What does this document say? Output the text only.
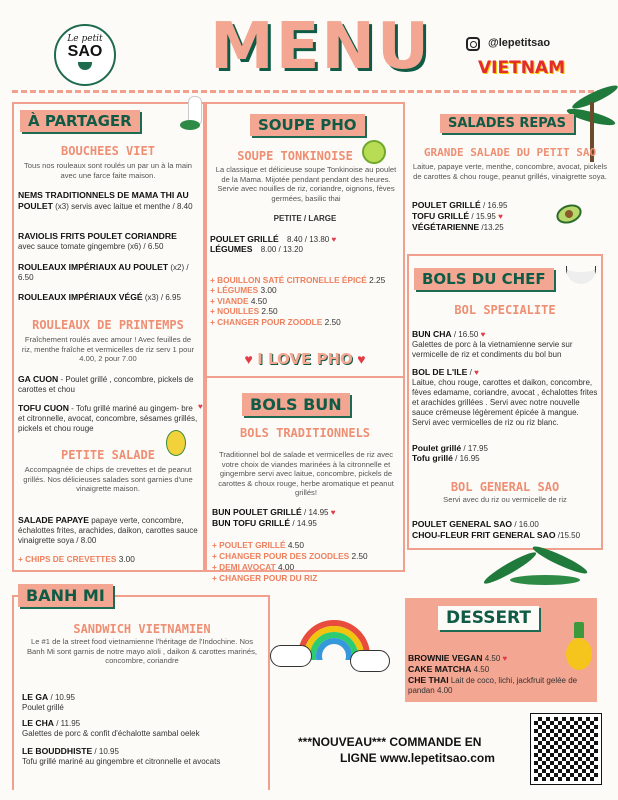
Le petit
SAO MENU	@lepetitsao
VIETNAM
À PARTAGER
BOUCHEES VIET
Tous nos rouleaux sont roulés un par un à la main avec une farce faite maison.
NEMS TRADITIONNELS DE MAMA THI AU POULET (x3) servis avec laitue et menthe / 8.40
RAVIOLIS FRITS POULET CORIANDRE
avec sauce tomate gingembre (x6) / 6.50
ROULEAUX IMPÉRIAUX AU POULET (x2) / 6.50
ROULEAUX IMPÉRIAUX VÉGÉ (x3) / 6.95
ROULEAUX DE PRINTEMPS
Fraîchement roulés avec amour ! Avec feuilles de riz, menthe fraîche et vermicelles de riz serv 1 pour 4.00, 2 pour 7.00
GA CUON - Poulet grillé , concombre, pickels de carottes et chou
TOFU CUON - Tofu grillé mariné au gingem- bre et citronnelle, avocat, concombre, sésames grillés, pickels et chou rouge
♥
PETITE SALADE
Accompagnée de chips de crevettes et de peanut grillés. Nos délicieuses salades sont garnies d'une vinaigrette maison.
SALADE PAPAYE papaye verte, concombre, échalottes frites, arachides, daikon, carottes sauce vinaigrette soya / 8.00
+ CHIPS DE CREVETTES 3.00
SOUPE PHO
SOUPE TONKINOISE
La classique et délicieuse soupe Tonkinoise au poulet de la Mama. Mijotée pendant pendant des heures. Servie avec nouilles de riz, coriandre, oignons, fèves germées, basilic thai
PETITE / LARGE
POULET GRILLÉ 8.40 / 13.80 ♥
LÉGUMES 8.00 / 13.20
+ BOUILLON SATÉ CITRONELLE ÉPICÉ 2.25
+ LÉGUMES 3.00
+ VIANDE 4.50
+ NOUILLES 2.50
+ CHANGER POUR ZOODLE 2.50
♥ I LOVE PHO ♥
BOLS BUN
BOLS TRADITIONNELS
Traditionnel bol de salade et vermicelles de riz avec votre choix de viandes marinées à la citronnelle et gingembre servi avec laitue, concombre, pickels de carottes & choux rouge, herbe aromatique et peanut grillés!
BUN POULET GRILLÉ / 14.95 ♥
BUN TOFU GRILLÉ / 14.95
+ POULET GRILLÉ 4.50
+ CHANGER POUR DES ZOODLES 2.50
+ DEMI AVOCAT 4.00
+ CHANGER POUR DU RIZ
SALADES REPAS
GRANDE SALADE DU PETIT SAO
Laitue, papaye verte, menthe, concombre, avocat, pickels de carottes & chou rouge, peanut grillés, vinaigrette soya.
POULET GRILLÉ / 16.95
TOFU GRILLÉ / 15.95 ♥
VÉGÉTARIENNE /13.25
BOLS DU CHEF
BOL SPECIALITE
BUN CHA / 16.50 ♥
Galettes de porc à la vietnamienne servie sur vermicelle de riz et condiments du bol bun
BOL DE L'ILE / ♥
Laitue, chou rouge, carottes et daikon, concombre, fèves edamame, coriandre, avocat , échalottes frites et arachides grillées . Servi avec notre nouvelle sauce crémeuse légèrement épicée à mangue. Servi avec vermicelles de riz ou riz blanc.
Poulet grillé / 17.95
Tofu grillé / 16.95
BOL GENERAL SAO
Servi avec du riz ou vermicelle de riz
POULET GENERAL SAO / 16.00
CHOU-FLEUR FRIT GENERAL SAO /15.50
BANH MI
SANDWICH VIETNAMIEN
Le #1 de la street food vietnamienne l'héritage de l'Indochine. Nos Banh Mi sont garnis de notre mayo aïoli , daikon & carottes marinés, concombre, coriandre
LE GA / 10.95
Poulet grillé
LE CHA / 11.95
Galettes de porc & confit d'échalotte sambal oelek
LE BOUDDHISTE / 10.95
Tofu grillé mariné au gingembre et citronnelle et avocats
DESSERT
BROWNIE VEGAN 4.50 ♥
CAKE MATCHA 4.50
CHE THAI Lait de coco, lichi, jackfruit gelée de pandan 4.00
***NOUVEAU*** COMMANDE EN
LIGNE www.lepetitsao.com
